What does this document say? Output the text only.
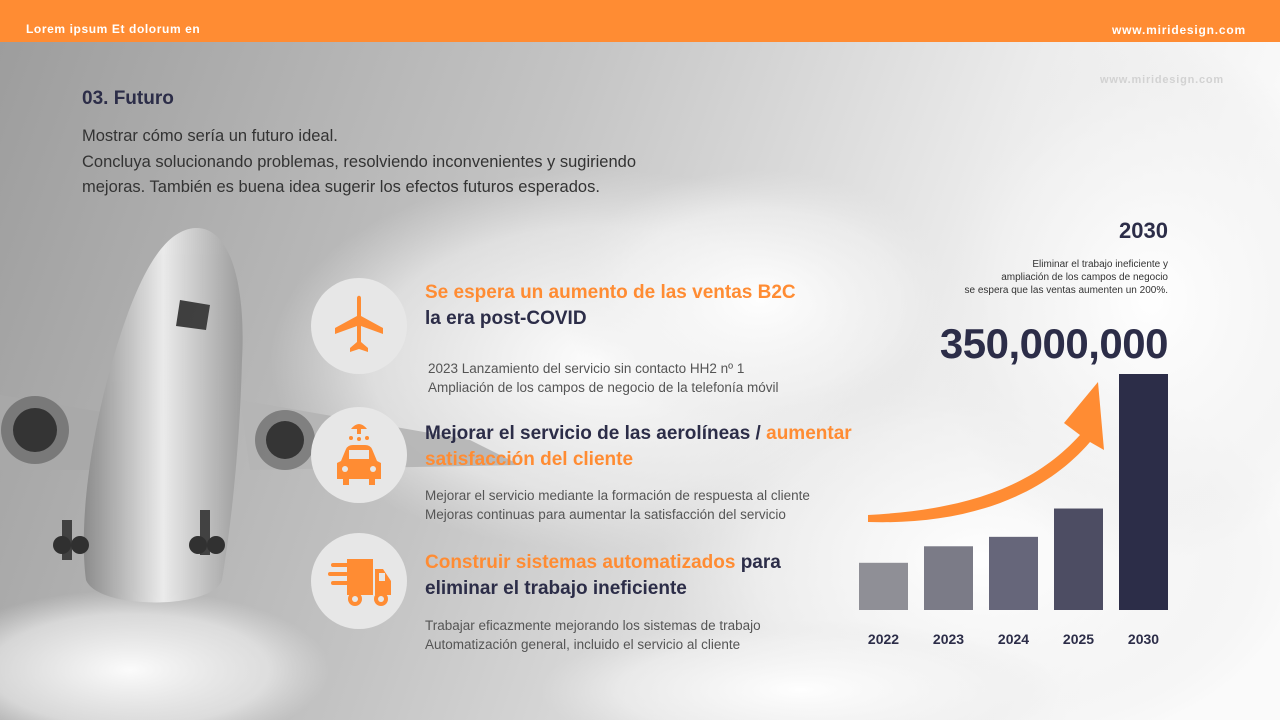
Lorem ipsum Et dolorum en	www.miridesign.com
www.miridesign.com
03. Futuro
Mostrar cómo sería un futuro ideal.
Concluya solucionando problemas, resolviendo inconvenientes y sugiriendo
mejoras. También es buena idea sugerir los efectos futuros esperados.
Se espera un aumento de las ventas B2C
la era post-COVID
2023 Lanzamiento del servicio sin contacto HH2 nº 1
Ampliación de los campos de negocio de la telefonía móvil
Mejorar el servicio de las aerolíneas / aumentar
satisfacción del cliente
Mejorar el servicio mediante la formación de respuesta al cliente
Mejoras continuas para aumentar la satisfacción del servicio
Construir sistemas automatizados para
eliminar el trabajo ineficiente
Trabajar eficazmente mejorando los sistemas de trabajo
Automatización general, incluido el servicio al cliente
2030
Eliminar el trabajo ineficiente y
ampliación de los campos de negocio
se espera que las ventas aumenten un 200%.
350,000,000
2022 2023 2024 2025 2030
